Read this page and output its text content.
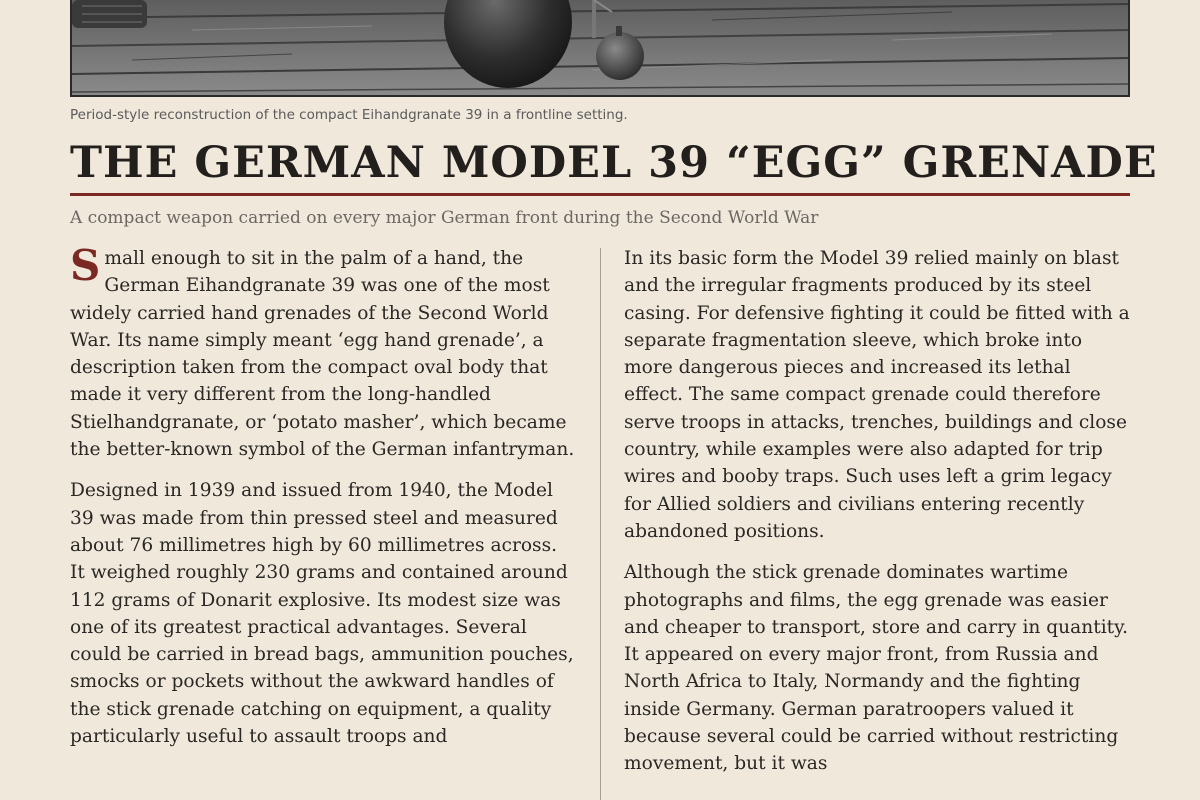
Period-style reconstruction of the compact Eihandgranate 39 in a frontline setting.
THE GERMAN MODEL 39 “EGG” GRENADE
A compact weapon carried on every major German front during the Second World War

Small enough to sit in the palm of a hand, the German Eihandgranate 39 was one of the most widely carried hand grenades of the Second World War. Its name simply meant ‘egg hand grenade’, a description taken from the compact oval body that made it very different from the long-handled Stielhandgranate, or ‘potato masher’, which became the better-known symbol of the German infantryman.

Designed in 1939 and issued from 1940, the Model 39 was made from thin pressed steel and measured about 76 millimetres high by 60 millimetres across. It weighed roughly 230 grams and contained around 112 grams of Donarit explosive. Its modest size was one of its greatest practical advantages. Several could be carried in bread bags, ammunition pouches, smocks or pockets without the awkward handles of the stick grenade catching on equipment, a quality particularly useful to assault troops and

In its basic form the Model 39 relied mainly on blast and the irregular fragments produced by its steel casing. For defensive fighting it could be fitted with a separate fragmentation sleeve, which broke into more dangerous pieces and increased its lethal effect. The same compact grenade could therefore serve troops in attacks, trenches, buildings and close country, while examples were also adapted for trip wires and booby traps. Such uses left a grim legacy for Allied soldiers and civilians entering recently abandoned positions.

Although the stick grenade dominates wartime photographs and films, the egg grenade was easier and cheaper to transport, store and carry in quantity. It appeared on every major front, from Russia and North Africa to Italy, Normandy and the fighting inside Germany. German paratroopers valued it because several could be carried without restricting movement, but it was
